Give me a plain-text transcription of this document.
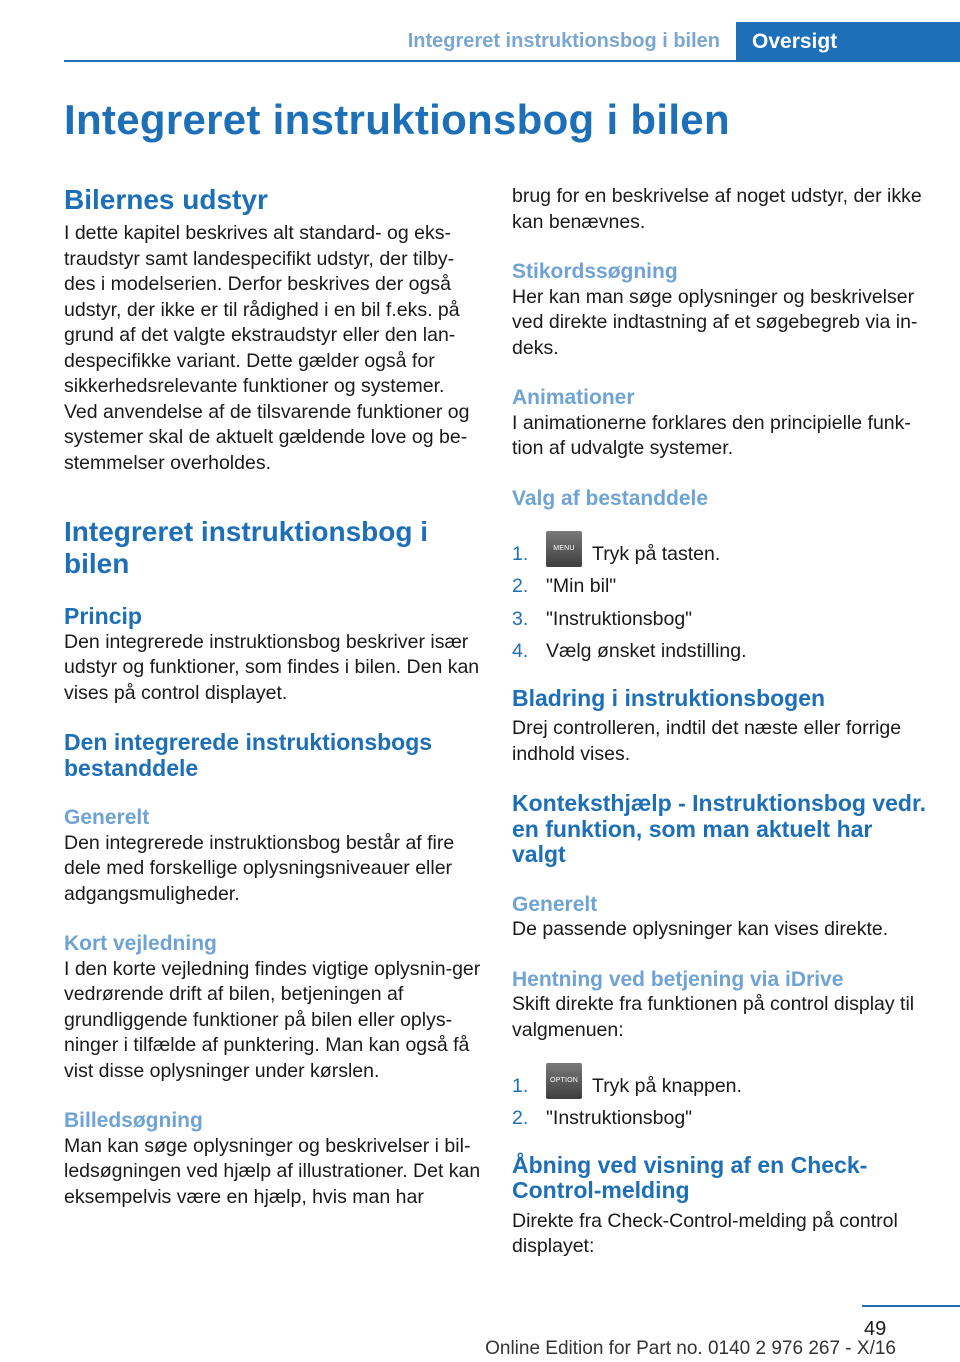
Integreret instruktionsbog i bilen	Oversigt
Integreret instruktionsbog i bilen
Bilernes udstyr

I dette kapitel beskrives alt standard- og eks-traudstyr samt landespecifikt udstyr, der tilby-des i modelserien. Derfor beskrives der også udstyr, der ikke er til rådighed i en bil f.eks. på grund af det valgte ekstraudstyr eller den lan-despecifikke variant. Dette gælder også for sikkerhedsrelevante funktioner og systemer. Ved anvendelse af de tilsvarende funktioner og systemer skal de aktuelt gældende love og be-stemmelser overholdes.

Integreret instruktionsbog i bilen
Princip

Den integrerede instruktionsbog beskriver især udstyr og funktioner, som findes i bilen. Den kan vises på control displayet.

Den integrerede instruktionsbogs bestanddele
Generelt

Den integrerede instruktionsbog består af fire dele med forskellige oplysningsniveauer eller adgangsmuligheder.

Kort vejledning

I den korte vejledning findes vigtige oplysnin-ger vedrørende drift af bilen, betjeningen af grundliggende funktioner på bilen eller oplys-ninger i tilfælde af punktering. Man kan også få vist disse oplysninger under kørslen.

Billedsøgning

Man kan søge oplysninger og beskrivelser i bil-ledsøgningen ved hjælp af illustrationer. Det kan eksempelvis være en hjælp, hvis man har

brug for en beskrivelse af noget udstyr, der ikke kan benævnes.

Stikordssøgning

Her kan man søge oplysninger og beskrivelser ved direkte indtastning af et søgebegreb via in-deks.

Animationer

I animationerne forklares den principielle funk-tion af udvalgte systemer.

Valg af bestanddele
1.	MENU Tryk på tasten.
2. "Min bil"
3. "Instruktionsbog"
4. Vælg ønsket indstilling.
Bladring i instruktionsbogen

Drej controlleren, indtil det næste eller forrige indhold vises.

Konteksthjælp - Instruktionsbog vedr. en funktion, som man aktuelt har valgt
Generelt

De passende oplysninger kan vises direkte.

Hentning ved betjening via iDrive

Skift direkte fra funktionen på control display til valgmenuen:

1.	OPTION Tryk på knappen.
2. "Instruktionsbog"
Åbning ved visning af en Check-Control-melding

Direkte fra Check-Control-melding på control displayet:

49
Online Edition for Part no. 0140 2 976 267 - X/16
